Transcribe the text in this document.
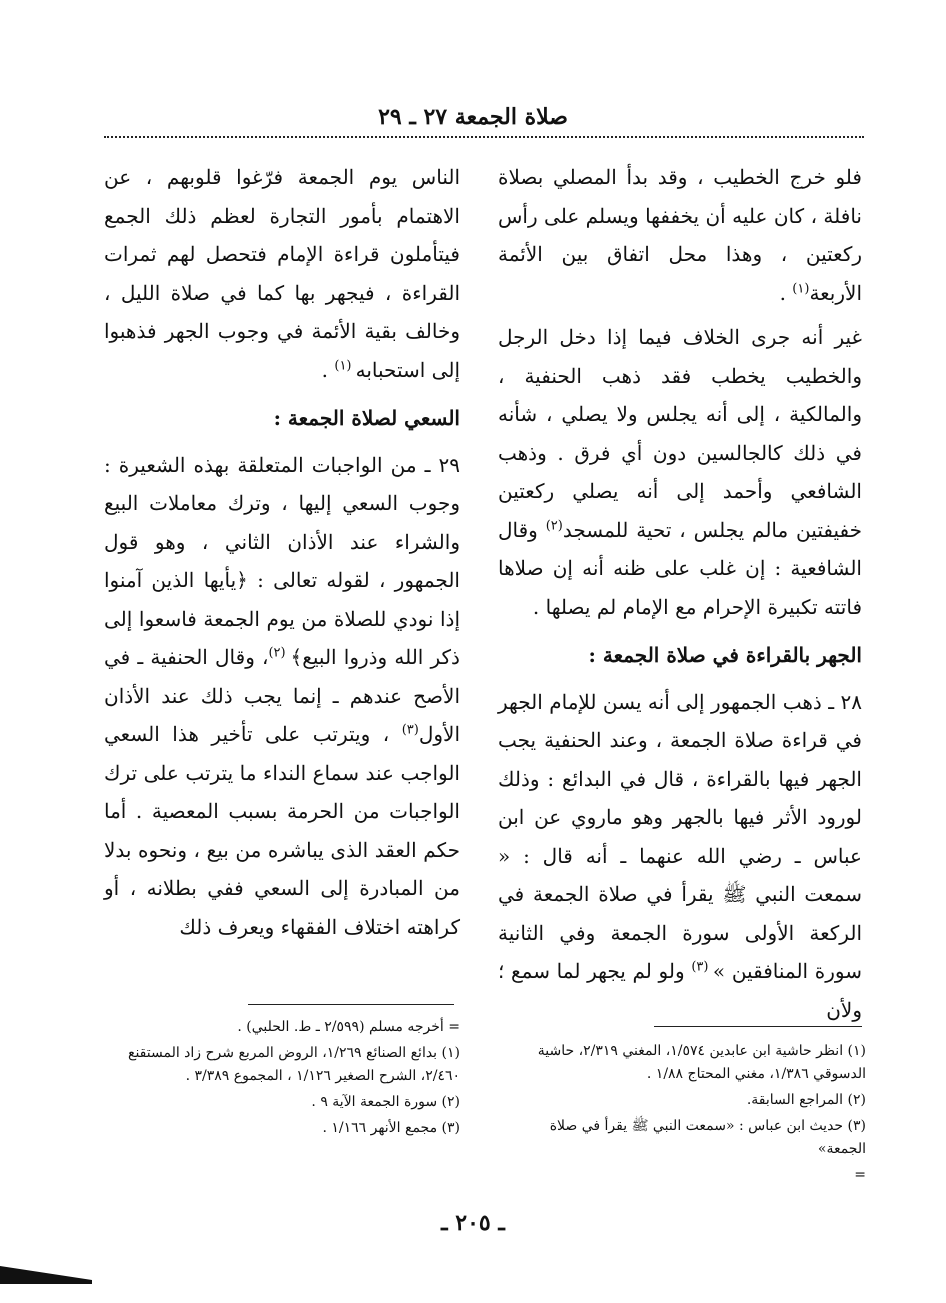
صلاة الجمعة ٢٧ ـ ٢٩

فلو خرج الخطيب ، وقد بدأ المصلي بصلاة نافلة ، كان عليه أن يخففها ويسلم على رأس ركعتين ، وهذا محل اتفاق بين الأئمة الأربعة$^{(١)}$ .

غير أنه جرى الخلاف فيما إذا دخل الرجل والخطيب يخطب فقد ذهب الحنفية ، والمالكية ، إلى أنه يجلس ولا يصلي ، شأنه في ذلك كالجالسين دون أي فرق . وذهب الشافعي وأحمد إلى أنه يصلي ركعتين خفيفتين مالم يجلس ، تحية للمسجد$^{(٢)}$ وقال الشافعية : إن غلب على ظنه أنه إن صلاها فاتته تكبيرة الإحرام مع الإمام لم يصلها .

الجهر بالقراءة في صلاة الجمعة :

٢٨ ـ ذهب الجمهور إلى أنه يسن للإمام الجهر في قراءة صلاة الجمعة ، وعند الحنفية يجب الجهر فيها بالقراءة ، قال في البدائع : وذلك لورود الأثر فيها بالجهر وهو ماروي عن ابن عباس ـ رضي الله عنهما ـ أنه قال : « سمعت النبي ﷺ يقرأ في صلاة الجمعة في الركعة الأولى سورة الجمعة وفي الثانية سورة المنافقين » $^{(٣)}$ ولو لم يجهر لما سمع ؛ ولأن

الناس يوم الجمعة فرّغوا قلوبهم ، عن الاهتمام بأمور التجارة لعظم ذلك الجمع فيتأملون قراءة الإمام فتحصل لهم ثمرات القراءة ، فيجهر بها كما في صلاة الليل ، وخالف بقية الأئمة في وجوب الجهر فذهبوا إلى استحبابه $^{(١)}$ .

السعي لصلاة الجمعة :

٢٩ ـ من الواجبات المتعلقة بهذه الشعيرة : وجوب السعي إليها ، وترك معاملات البيع والشراء عند الأذان الثاني ، وهو قول الجمهور ، لقوله تعالى : ﴿يأيها الذين آمنوا إذا نودي للصلاة من يوم الجمعة فاسعوا إلى ذكر الله وذروا البيع﴾ $^{(٢)}$، وقال الحنفية ـ في الأصح عندهم ـ إنما يجب ذلك عند الأذان الأول$^{(٣)}$ ، ويترتب على تأخير هذا السعي الواجب عند سماع النداء ما يترتب على ترك الواجبات من الحرمة بسبب المعصية . أما حكم العقد الذى يباشره من بيع ، ونحوه بدلا من المبادرة إلى السعي ففي بطلانه ، أو كراهته اختلاف الفقهاء ويعرف ذلك

(١) انظر حاشية ابن عابدين ١/٥٧٤، المغني ٢/٣١٩، حاشية الدسوقي ١/٣٨٦، مغني المحتاج ١/٨٨ .
(٢) المراجع السابقة.
(٣) حديث ابن عباس : «سمعت النبي ﷺ يقرأ في صلاة الجمعة»
=
= أخرجه مسلم (٢/٥٩٩ ـ ط. الحلبي) .
(١) بدائع الصنائع ١/٢٦٩، الروض المربع شرح زاد المستقنع ٢/٤٦٠، الشرح الصغير ١/١٢٦ ، المجموع ٣/٣٨٩ .
(٢) سورة الجمعة الآية ٩ .
(٣) مجمع الأنهر ١/١٦٦ .
ـ ٢٠٥ ـ
